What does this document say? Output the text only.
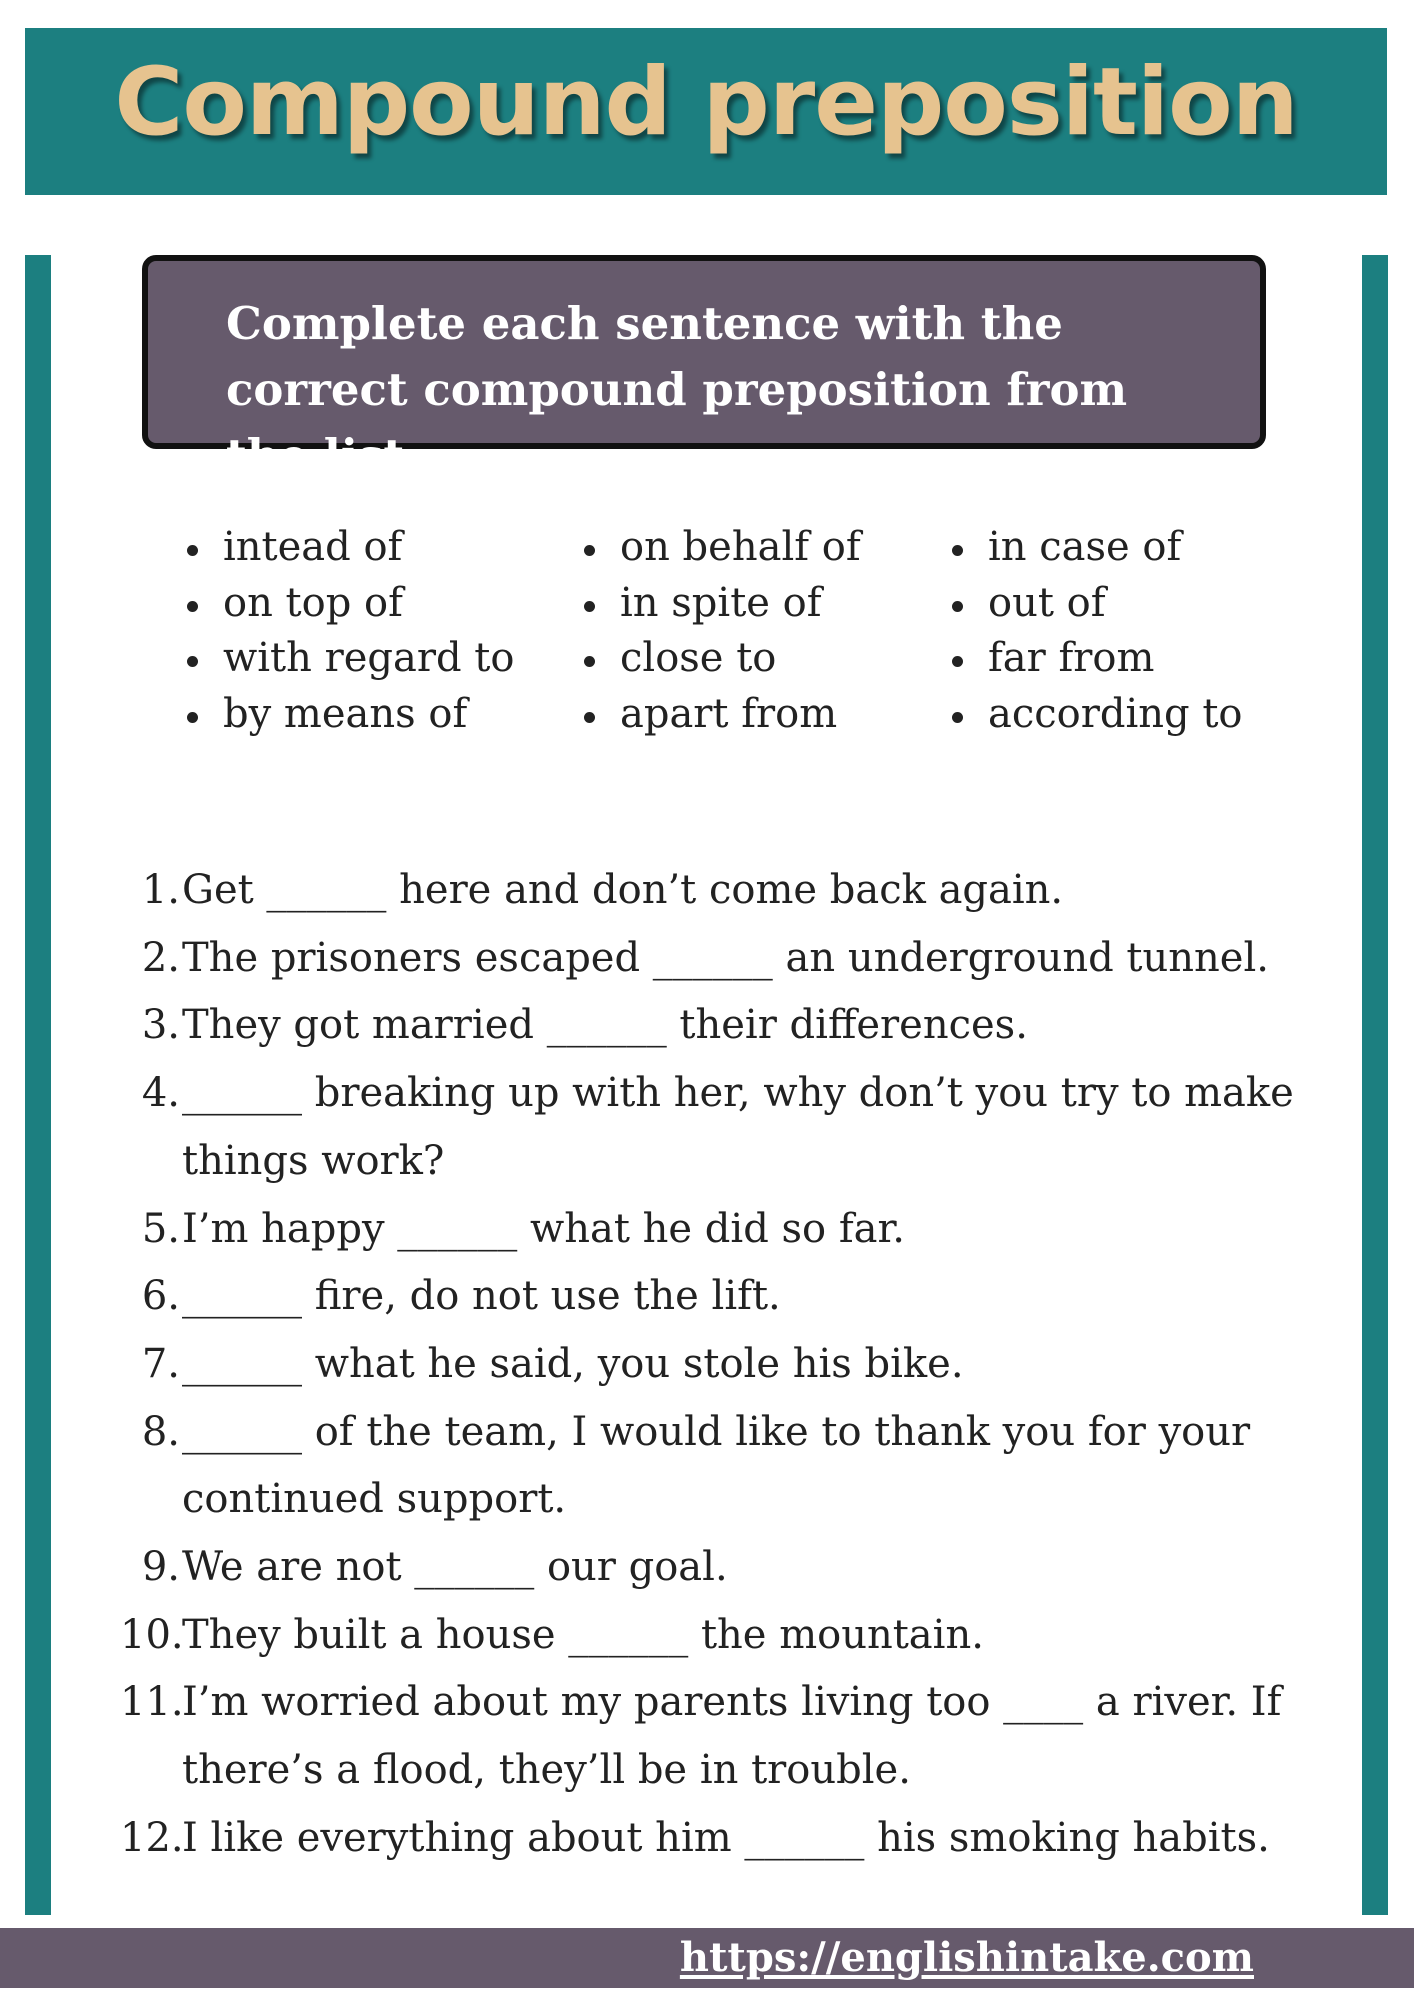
Compound preposition

Complete each sentence with the correct compound preposition from the list.

intead of
on top of
with regard to
by means of
on behalf of
in spite of
close to
apart from
in case of
out of
far from
according to
1. Get ______ here and don’t come back again.
2. The prisoners escaped ______ an underground tunnel.
3. They got married ______ their differences.
4. ______ breaking up with her, why don’t you try to make things work?
5. I’m happy ______ what he did so far.
6. ______ fire, do not use the lift.
7. ______ what he said, you stole his bike.
8. ______ of the team, I would like to thank you for your continued support.
9. We are not ______ our goal.
10.
They built a house ______ the mountain.
11.
I’m worried about my parents living too ____ a river. If there’s a flood, they’ll be in trouble.
12.
I like everything about him ______ his smoking habits.
https://englishintake.com
